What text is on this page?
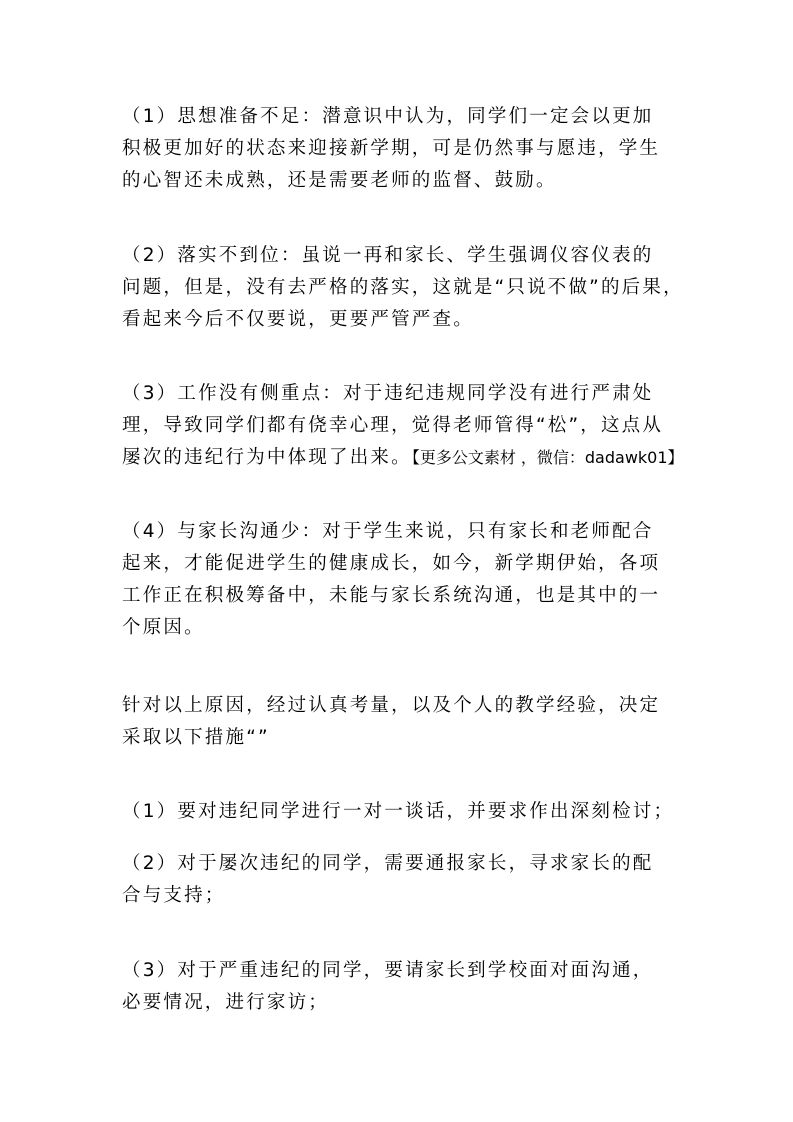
（1）思想准备不足：潜意识中认为，同学们一定会以更加
积极更加好的状态来迎接新学期，可是仍然事与愿违，学生
的心智还未成熟，还是需要老师的监督、鼓励。
（2）落实不到位：虽说一再和家长、学生强调仪容仪表的
问题，但是，没有去严格的落实，这就是“只说不做”的后果，
看起来今后不仅要说，更要严管严查。
（3）工作没有侧重点：对于违纪违规同学没有进行严肃处
理，导致同学们都有侥幸心理，觉得老师管得“松”，这点从
屡次的违纪行为中体现了出来。【更多公文素材 ，微信：dadawk01】
（4）与家长沟通少：对于学生来说，只有家长和老师配合
起来，才能促进学生的健康成长，如今，新学期伊始，各项
工作正在积极筹备中，未能与家长系统沟通，也是其中的一
个原因。
针对以上原因，经过认真考量，以及个人的教学经验，决定
采取以下措施“”
（1）要对违纪同学进行一对一谈话，并要求作出深刻检讨；
（2）对于屡次违纪的同学，需要通报家长，寻求家长的配
合与支持；
（3）对于严重违纪的同学，要请家长到学校面对面沟通，
必要情况，进行家访；
